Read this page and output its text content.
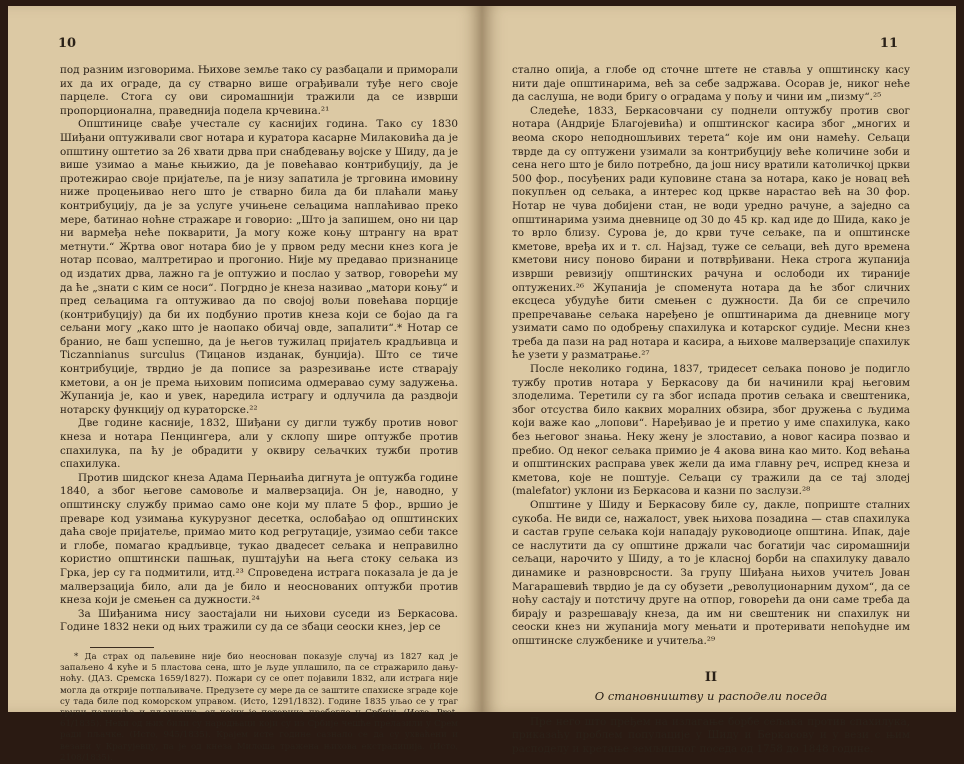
10

под разним изговорима. Њихове земље тако су разбацали и приморали их да их ограде, да су стварно више ограђивали туђе него своје парцеле. Стога су ови сиромашнији тражили да се изврши пропорционална, праведнија подела крчевина.²¹

Општинице свађе учестале су каснијих година. Тако су 1830 Шиђани оптуживали свог нотара и куратора касарне Милаковића да је општину оштетио за 26 хвати дрва при снабдевању војске у Шиду, да је више узимао а мање књижио, да је повећавао контрибуцију, да је протежирао своје пријатеље, па је низу запатила је трговина имовину ниже процењивао него што је стварно била да би плаћали мању контрибуцију, да је за услуге учињене сељацима наплаћивао преко мере, батинао ноћне стражаре и говорио: „Што ја запишем, оно ни цар ни вармеђа неће покварити, Ја могу коже коњу штрангу на врат метнути.“ Жртва овог нотара био је у првом реду месни кнез кога је нотар псовао, малтретирао и прогонио. Није му предавао признанице од издатих дрва, лажно га је оптужио и послао у затвор, говорећи му да ће „знати с ким се носи“. Погрдно је кнеза називао „матори коњу“ и пред сељацима га оптуживао да по својој вољи повећава порције (контрибуцију) да би их подбунио против кнеза који се бојао да га сељани могу „како што је наопако обичај овде, запалити“.* Нотар се бранио, не баш успешно, да је његов тужилац пријатељ крадљивца и Ticzannianus surculus (Тицанов изданак, бунџија). Што се тиче контрибуције, тврдио је да пописе за разрезивање исте стварају кметови, а он је према њиховим пописима одмеравао суму задужења. Жупанија је, као и увек, наредила истрагу и одлучила да раздвоји нотарску функцију од кураторске.²²

Две године касније, 1832, Шиђани су дигли тужбу против новог кнеза и нотара Пенцингера, али у склопу шире оптужбе против спахилука, па ћу је обрадити у оквиру сељачких тужби против спахилука.

Против шидског кнеза Адама Перњаића дигнута је оптужба године 1840, а због његове самовоље и малверзација. Он је, наводно, у општинску службу примао само оне који му плате 5 фор., вршио је преваре код узимања кукурузног десетка, ослобађао од општинских даћа своје пријатеље, примао мито код регрутације, узимао себи таксе и глобе, помагао крадљивце, тукао двадесет сељака и неправилно користио општински пашњак, пуштајући на њега стоку сељака из Грка, јер су га подмитили, итд.²³ Спроведена истрага показала је да је малверзација било, али да је било и неоснованих оптужби против кнеза који је смењен са дужности.²⁴

За Шиђанима нису заостајали ни њихови суседи из Беркасова. Године 1832 неки од њих тражили су да се збаци сеоски кнез, јер се

* Да страх од паљевине није био неоснован показује случај из 1827 кад је запаљено 4 куће и 5 пластова сена, што је људе уплашило, па се стражарило дању-ноћу. (ДАЗ. Сремска 1659/1827). Пожари су се опет појавили 1832, али истрага није могла да открије потпаљиваче. Предузете су мере да се заштите спахиске зграде које су тада биле под коморском управом. (Исто, 1291/1832). Године 1835 уљао се у траг групи паликућа и пљачкаша, од којих је петорица пребегло у Србију. (Исто, Prot. 61/1835). Неки од њих били су народњаци који су из Србије чешће прелазили у Срем ради пљачке. (Исто, 945/1835). Крајем исте године сазнало се да су ухваћени и везани у Крагујевцу, па је од кнеза Милоша тражена њихова екстрадиција. (Исто, 2108/1835).

11

стално опија, а глобе од сточне штете не ставља у општинску касу нити даје општинарима, већ за себе задржава. Осорав је, никог неће да саслуша, не води бригу о оградама у пољу и чини им „пизму“.²⁵

Следеће, 1833, Беркасовчани су поднели оптужбу против свог нотара (Андрије Благојевића) и општинског касира због „многих и веома скоро неподношљивих терета“ које им они намећу. Сељаци тврде да су оптужени узимали за контрибуцију веће количине зоби и сена него што је било потребно, да још нису вратили католичкој цркви 500 фор., посуђених ради куповине стана за нотара, како је новац већ покупљен од сељака, а интерес код цркве нарастао већ на 30 фор. Нотар не чува добијени стан, не води уредно рачуне, а заједно са општинарима узима дневнице од 30 до 45 кр. кад иде до Шида, како је то врло близу. Сурова је, до крви туче сељаке, па и општинске кметове, вређа их и т. сл. Најзад, туже се сељаци, већ дуго времена кметови нису поново бирани и потврђивани. Нека строга жупанија изврши ревизију општинских рачуна и ослободи их тираније оптужених.²⁶ Жупанија је споменута нотара да ће због сличних ексцеса убудуће бити смењен с дужности. Да би се спречило препречавање сељака наређено је општинарима да дневнице могу узимати само по одобрењу спахилука и котарског судије. Месни кнез треба да пази на рад нотара и касира, а њихове малверзације спахилук ће узети у разматрање.²⁷

После неколико година, 1837, тридесет сељака поново је подигло тужбу против нотара у Беркасову да би начинили крај његовим злоделима. Теретили су га због испада против сељака и свештеника, због отсуства било каквих моралних обзира, због дружења с људима који важе као „лопови“. Наређивао је и претио у име спахилука, како без његовог знања. Неку жену је злоставио, а новог касира позвао и пребио. Од неког сељака примио је 4 акова вина као мито. Код већања и општинских расправа увек жели да има главну реч, испред кнеза и кметова, које не поштује. Сељаци су тражили да се тај злодеј (malefator) уклони из Беркасова и казни по заслузи.²⁸

Општине у Шиду и Беркасову биле су, дакле, поприште сталних сукоба. Не види се, нажалост, увек њихова позадина — став спахилука и састав групе сељака који нападају руководиоце општина. Ипак, даје се наслутити да су општине држали час богатији час сиромашнији сељаци, нарочито у Шиду, а то је класној борби на спахилуку давало динамике и разноврсности. За групу Шиђана њихов учитељ Јован Магарашевић тврдио је да су обузети „револуционарним духом“, да се ноћу састају и потстичу друге на отпор, говорећи да они саме треба да бирају и разрешавају кнеза, да им ни свештеник ни спахилук ни сеоски кнез ни жупанија могу мењати и протеривати непоћудне им општинске службенике и учитеља.²⁹

II
О становништву и расподели поседа

Пре него што пређем на излагање борбе сељака против спахилука, приказаћу проблем популације у Шиду и Беркасову и у вези с њим расподелу и кретање земљишног поседа од 1758 до 1848 године.
